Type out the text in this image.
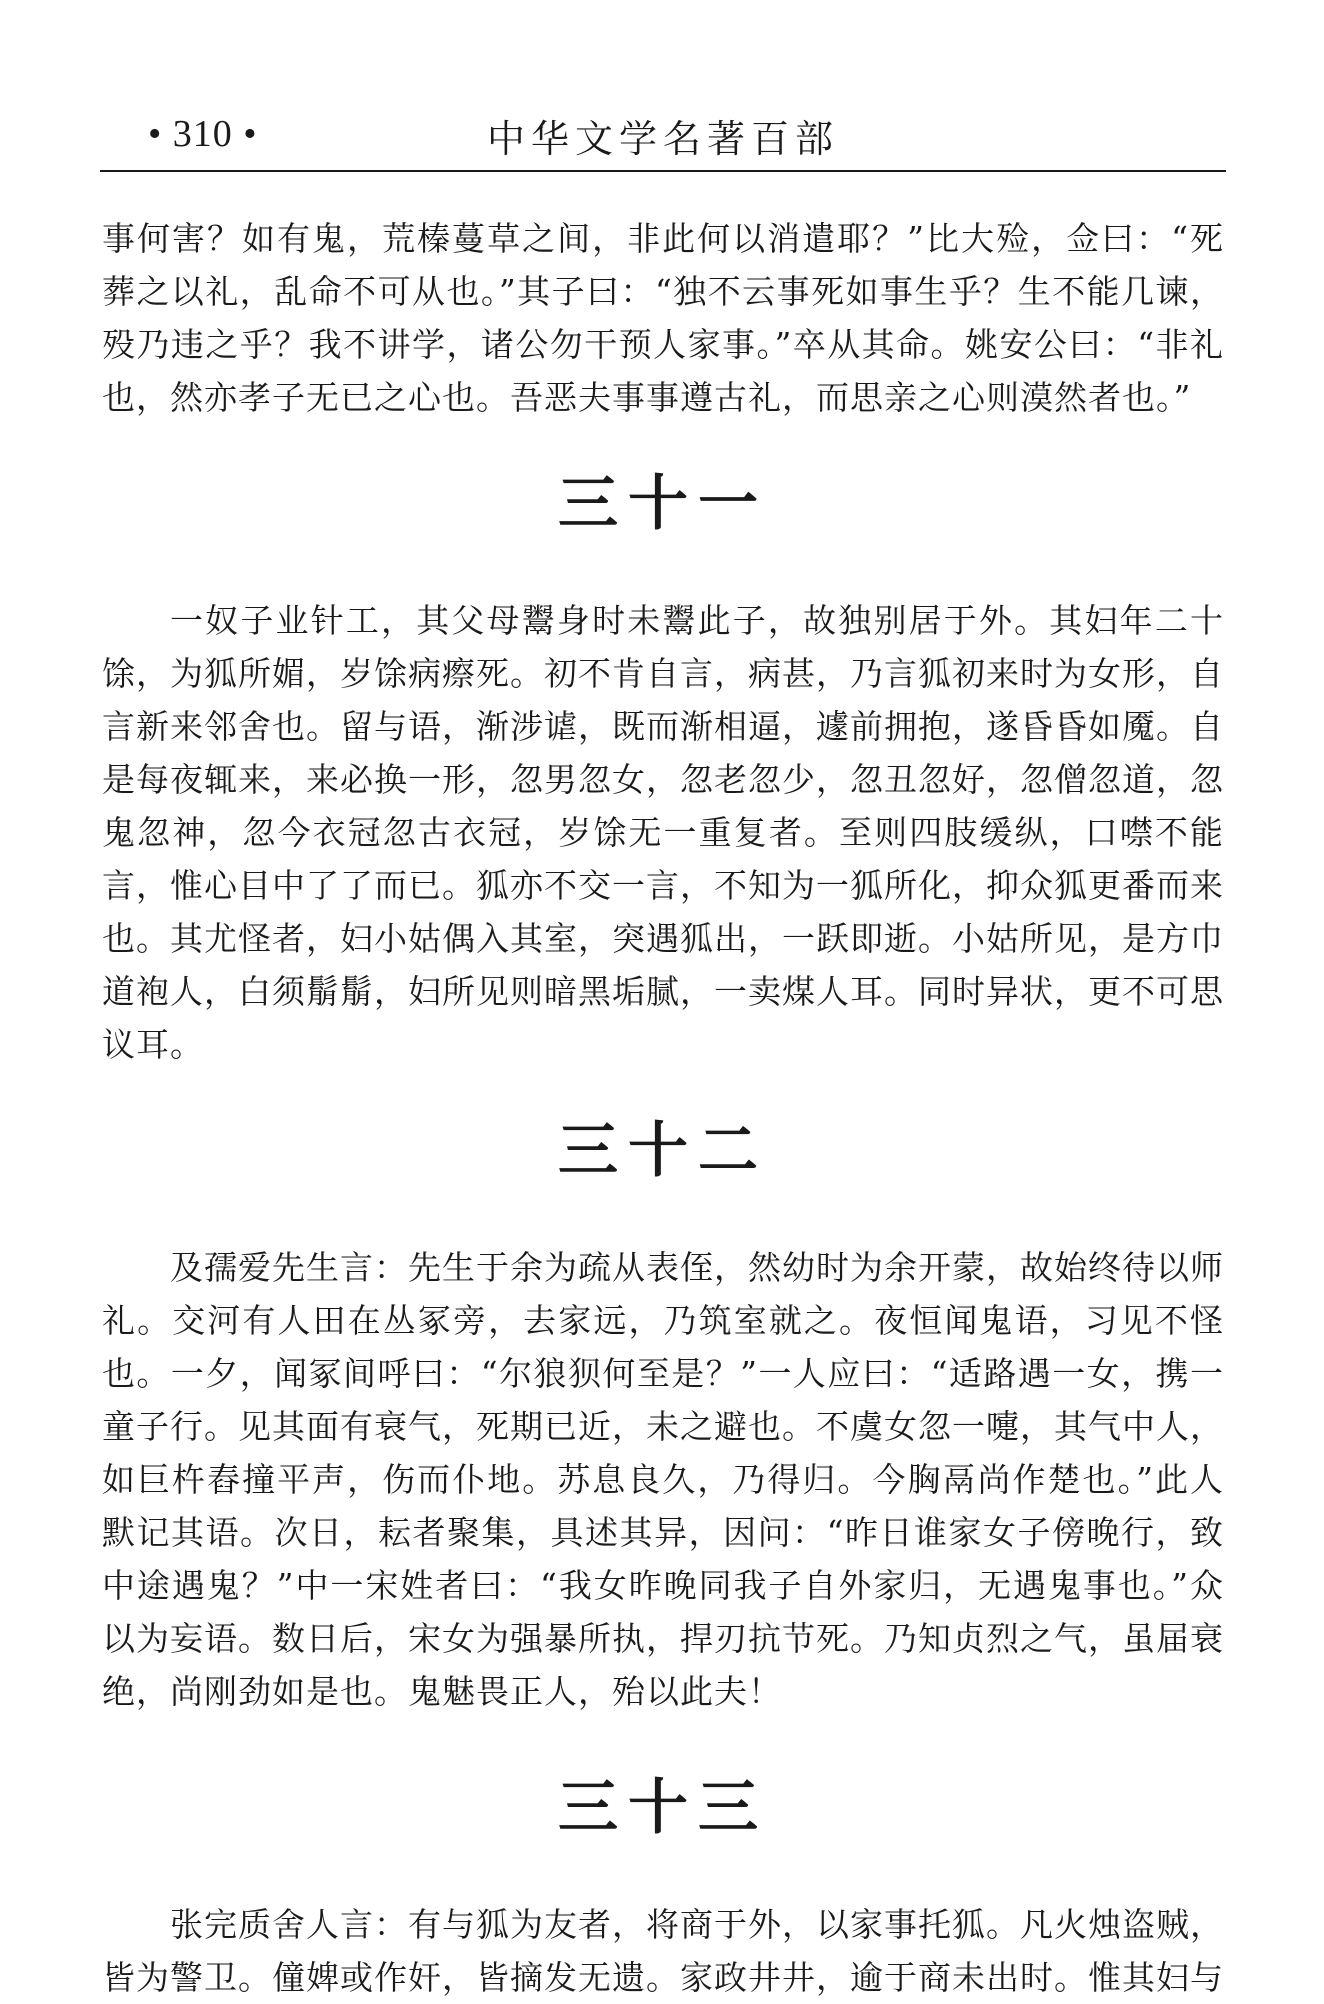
中华文学名著百部
• 310 •

事何害？如有鬼，荒榛蔓草之间，非此何以消遣耶？”比大殓，佥曰：“死葬之以礼，乱命不可从也。”其子曰：“独不云事死如事生乎？生不能几谏，殁乃违之乎？我不讲学，诸公勿干预人家事。”卒从其命。姚安公曰：“非礼也，然亦孝子无已之心也。吾恶夫事事遵古礼，而思亲之心则漠然者也。”

三十一

一奴子业针工，其父母鬻身时未鬻此子，故独别居于外。其妇年二十馀，为狐所媚，岁馀病瘵死。初不肯自言，病甚，乃言狐初来时为女形，自言新来邻舍也。留与语，渐涉谑，既而渐相逼，遽前拥抱，遂昏昏如魇。自是每夜辄来，来必换一形，忽男忽女，忽老忽少，忽丑忽好，忽僧忽道，忽鬼忽神，忽今衣冠忽古衣冠，岁馀无一重复者。至则四肢缓纵，口噤不能言，惟心目中了了而已。狐亦不交一言，不知为一狐所化，抑众狐更番而来也。其尤怪者，妇小姑偶入其室，突遇狐出，一跃即逝。小姑所见，是方巾道袍人，白须鬅鬅，妇所见则暗黑垢腻，一卖煤人耳。同时异状，更不可思议耳。

三十二

及孺爱先生言：先生于余为疏从表侄，然幼时为余开蒙，故始终待以师礼。交河有人田在丛冢旁，去家远，乃筑室就之。夜恒闻鬼语，习见不怪也。一夕，闻冢间呼曰：“尔狼狈何至是？”一人应曰：“适路遇一女，携一童子行。见其面有衰气，死期已近，未之避也。不虞女忽一嚏，其气中人，如巨杵舂撞平声，伤而仆地。苏息良久，乃得归。今胸鬲尚作楚也。”此人默记其语。次日，耘者聚集，具述其异，因问：“昨日谁家女子傍晚行，致中途遇鬼？”中一宋姓者曰：“我女昨晚同我子自外家归，无遇鬼事也。”众以为妄语。数日后，宋女为强暴所执，捍刃抗节死。乃知贞烈之气，虽届衰绝，尚刚劲如是也。鬼魅畏正人，殆以此夫！

三十三

张完质舍人言：有与狐为友者，将商于外，以家事托狐。凡火烛盗贼，皆为警卫。僮婢或作奸，皆摘发无遗。家政井井，逾于商未出时。惟其妇与
